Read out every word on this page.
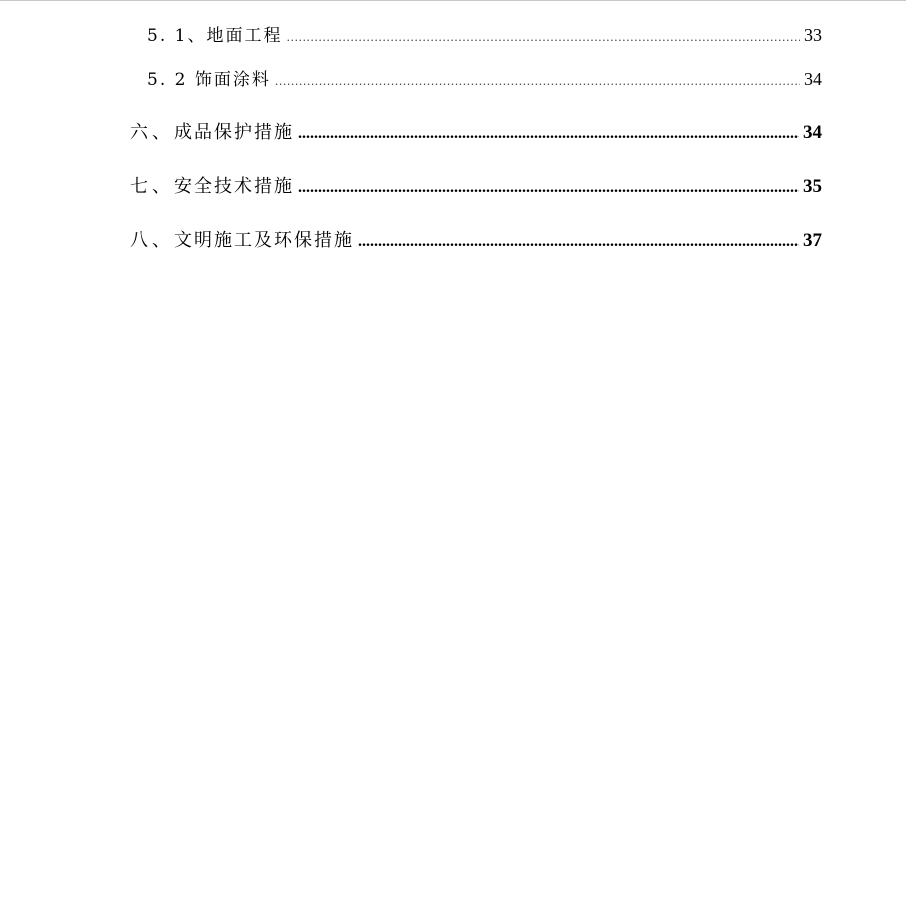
5. 1、地面工程 .....	33
5. 2 饰面涂料 .....	34
六、成品保护措施 .....	34
七、安全技术措施 .....	35
八、文明施工及环保措施 .....	37
